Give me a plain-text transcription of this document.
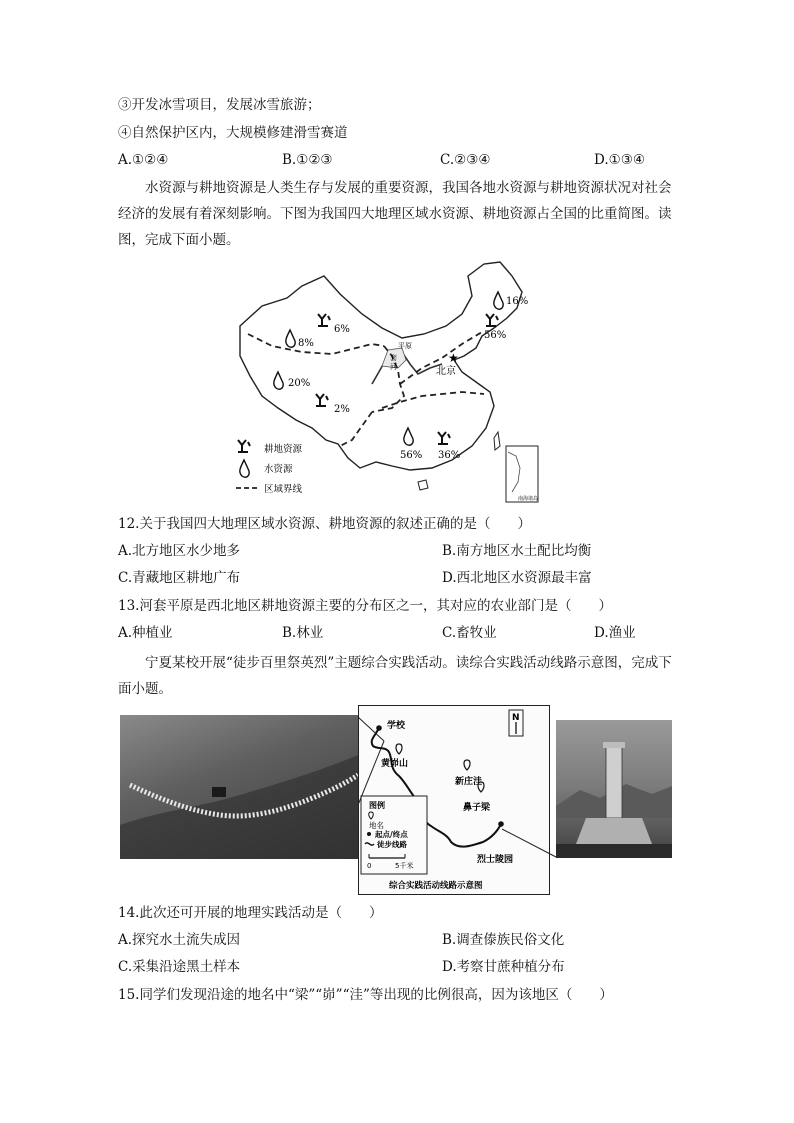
③开发冰雪项目，发展冰雪旅游；
④自然保护区内，大规模修建滑雪赛道
A.①②④	B.①②③	C.②③④	D.①③④
水资源与耕地资源是人类生存与发展的重要资源，我国各地水资源与耕地资源状况对社会经济的发展有着深刻影响。下图为我国四大地理区域水资源、耕地资源占全国的比重简图。读图，完成下面小题。
★
北京
套
河
平原
16%
56%
6%
8%
20%
2%
56% 36%
耕地资源
水资源
区域界线
南海诸岛
12.关于我国四大地理区域水资源、耕地资源的叙述正确的是（　　）
A.北方地区水少地多	B.南方地区水土配比均衡
C.青藏地区耕地广布	D.西北地区水资源最丰富
13.河套平原是西北地区耕地资源主要的分布区之一，其对应的农业部门是（　　）
A.种植业	B.林业	C.畜牧业	D.渔业
宁夏某校开展“徒步百里祭英烈”主题综合实践活动。读综合实践活动线路示意图，完成下面小题。
N
学校
黄峁山
新庄洼
鼻子梁
烈士陵园
图例
地名
起点/终点
徒步线路
0	5千米
综合实践活动线路示意图
14.此次还可开展的地理实践活动是（　　）
A.探究水土流失成因	B.调查傣族民俗文化
C.采集沿途黑土样本	D.考察甘蔗种植分布
15.同学们发现沿途的地名中“梁”“峁”“洼”等出现的比例很高，因为该地区（　　）
